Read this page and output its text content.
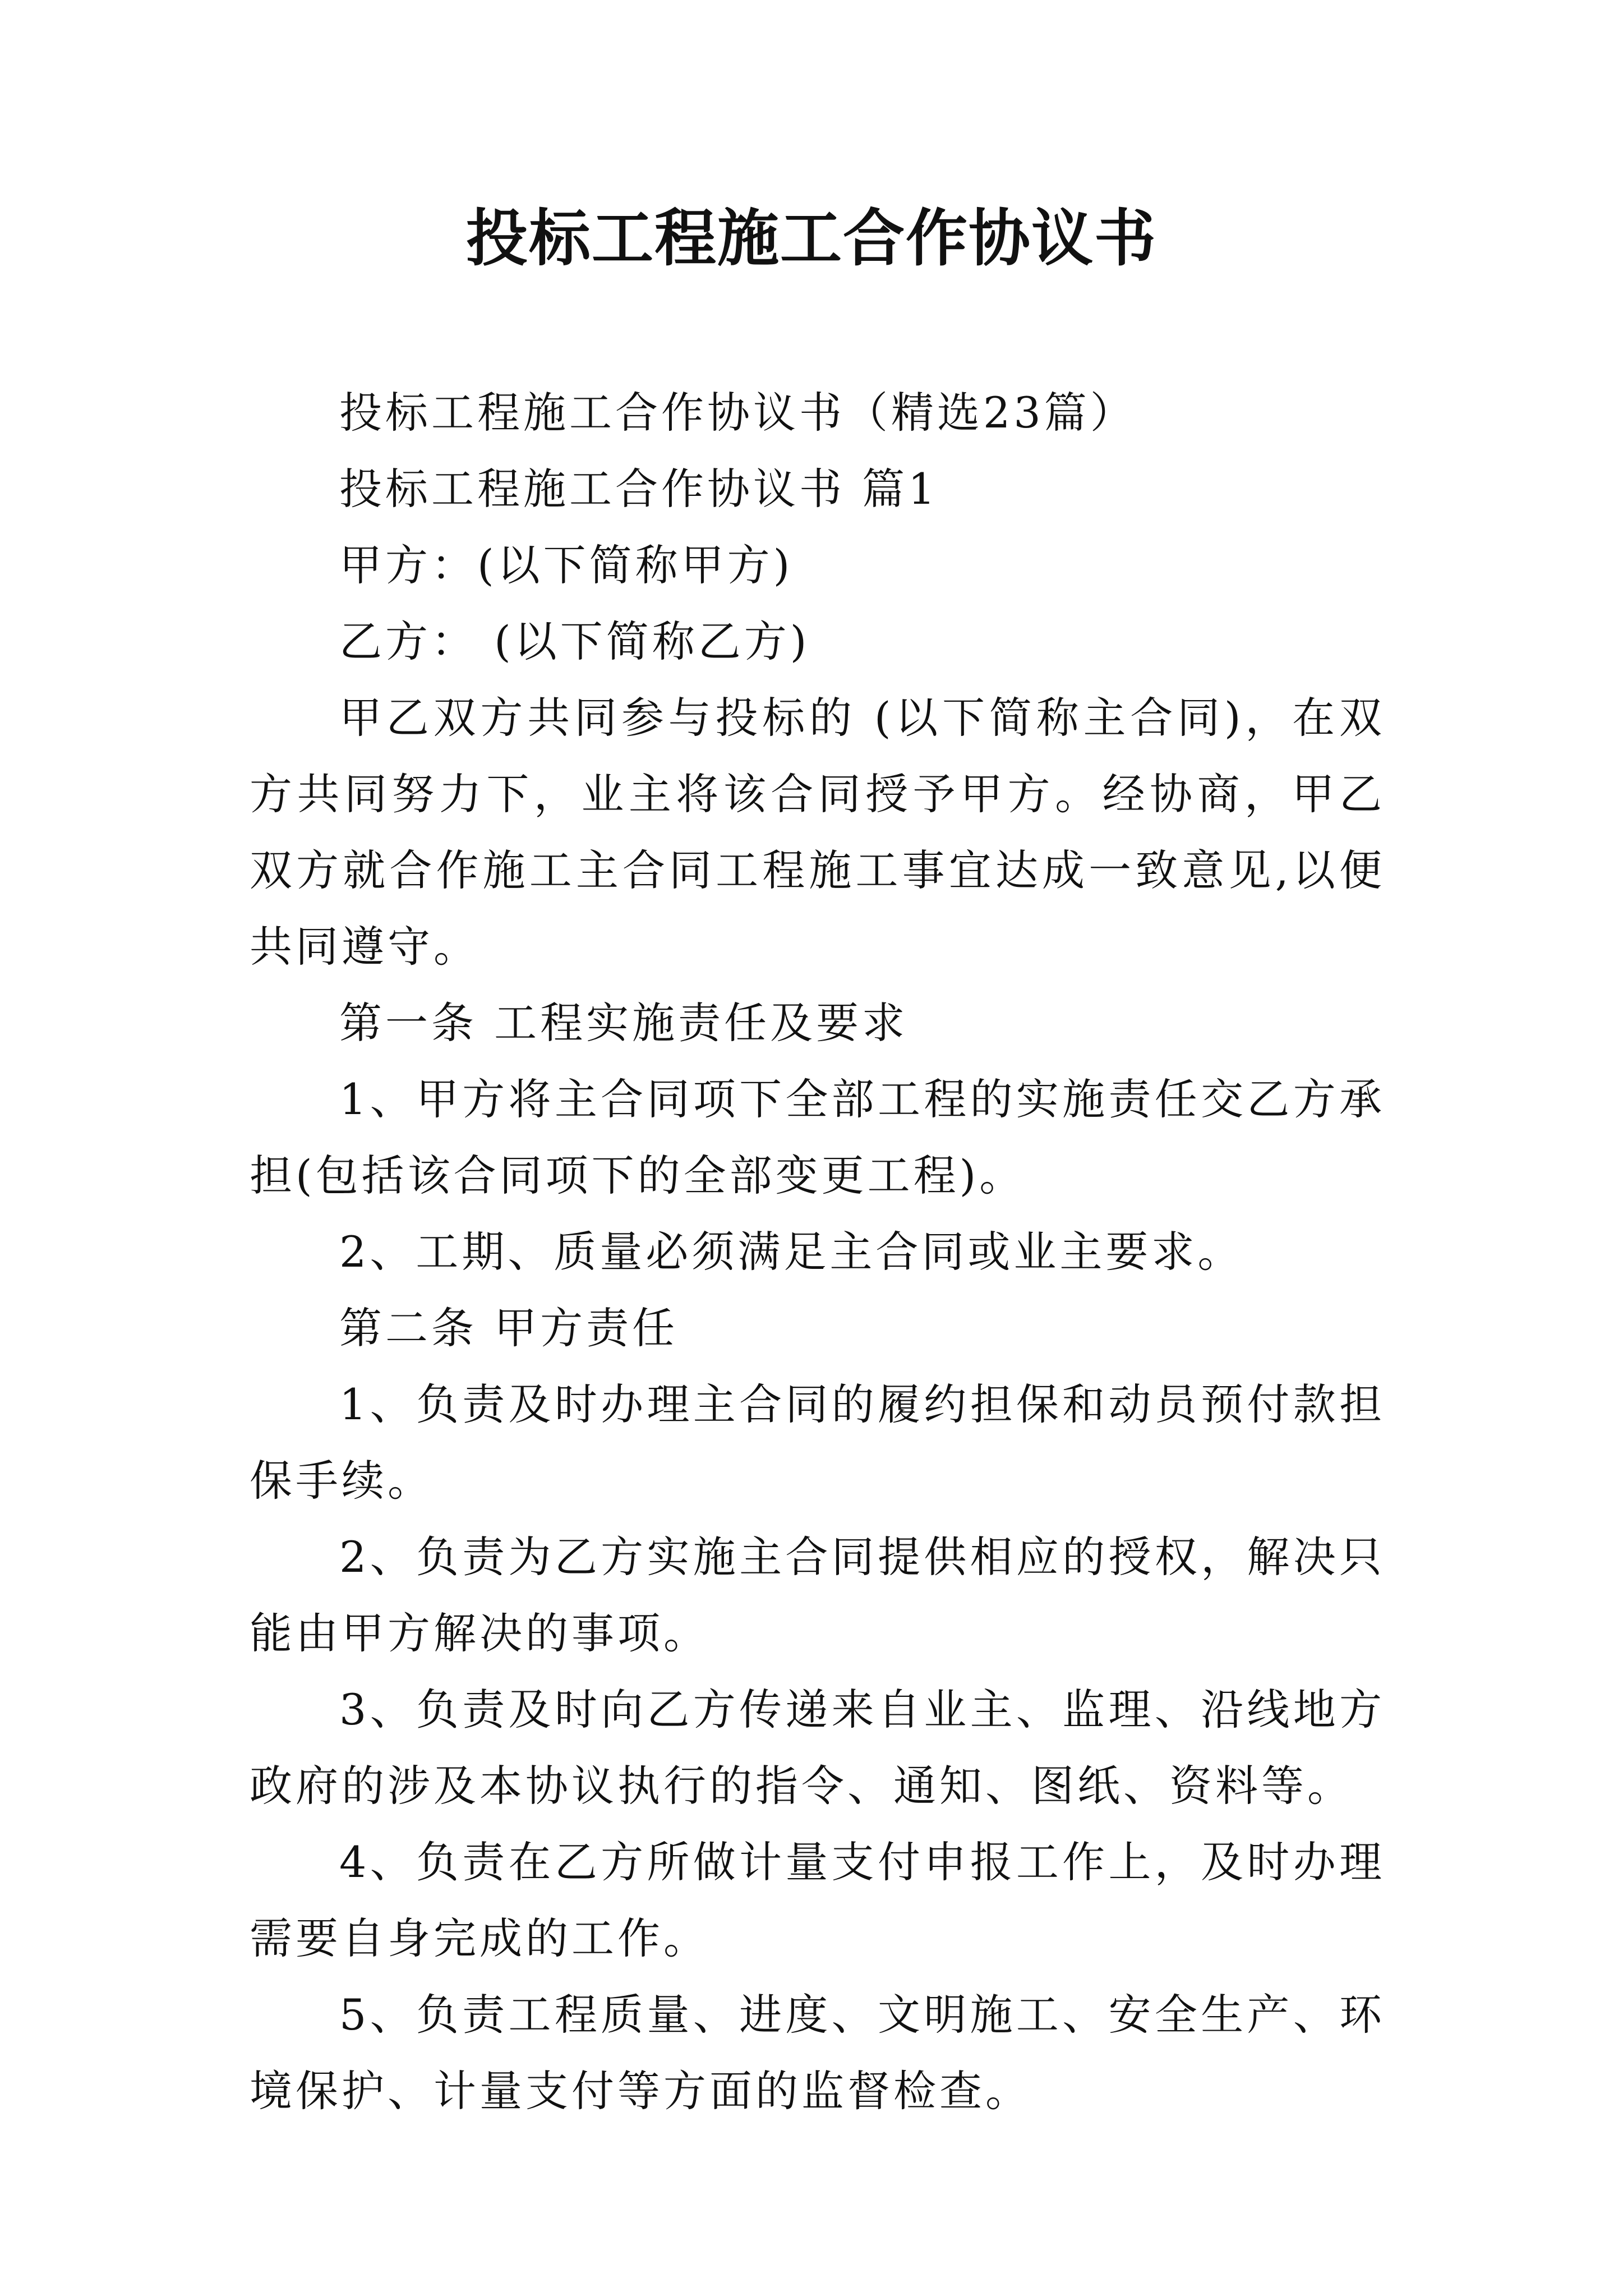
投标工程施工合作协议书

投标工程施工合作协议书（精选23篇）

投标工程施工合作协议书 篇1

甲方：(以下简称甲方)

乙方： (以下简称乙方)

甲乙双方共同参与投标的 (以下简称主合同)，在双方共同努力下，业主将该合同授予甲方。经协商，甲乙双方就合作施工主合同工程施工事宜达成一致意见,以便共同遵守。

第一条 工程实施责任及要求

1、甲方将主合同项下全部工程的实施责任交乙方承担(包括该合同项下的全部变更工程)。

2、工期、质量必须满足主合同或业主要求。

第二条 甲方责任

1、负责及时办理主合同的履约担保和动员预付款担保手续。

2、负责为乙方实施主合同提供相应的授权，解决只能由甲方解决的事项。

3、负责及时向乙方传递来自业主、监理、沿线地方政府的涉及本协议执行的指令、通知、图纸、资料等。

4、负责在乙方所做计量支付申报工作上，及时办理需要自身完成的工作。

5、负责工程质量、进度、文明施工、安全生产、环境保护、计量支付等方面的监督检查。
